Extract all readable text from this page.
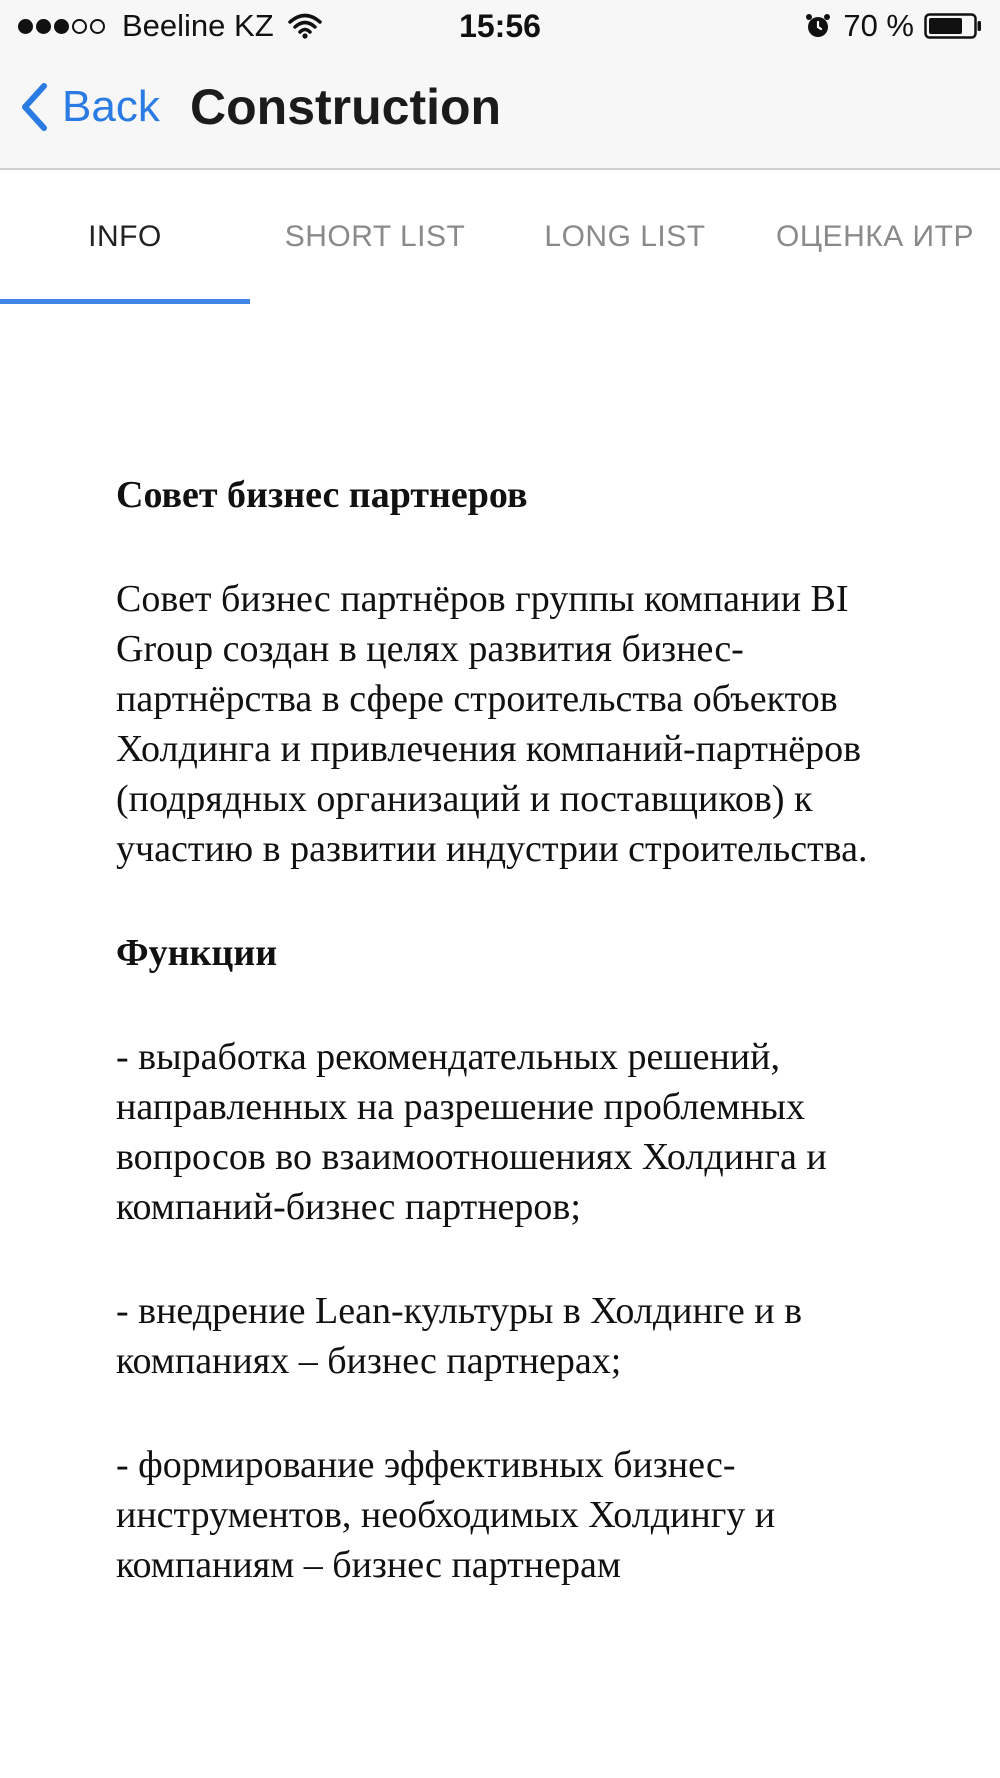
Beeline KZ	15:56	70 %
Back Construction
INFO	SHORT LIST	LONG LIST ОЦЕНКА ИТР

Совет бизнес партнеров

Совет бизнес партнёров группы компании BI Group создан в целях развития бизнес-партнёрства в сфере строительства объектов Холдинга и привлечения компаний-партнёров (подрядных организаций и поставщиков) к участию в развитии индустрии строительства.

Функции

- выработка рекомендательных решений, направленных на разрешение проблемных вопросов во взаимоотношениях Холдинга и компаний-бизнес партнеров;

- внедрение Lean-культуры в Холдинге и в компаниях – бизнес партнерах;

- формирование эффективных бизнес-инструментов, необходимых Холдингу и компаниям – бизнес партнерам
